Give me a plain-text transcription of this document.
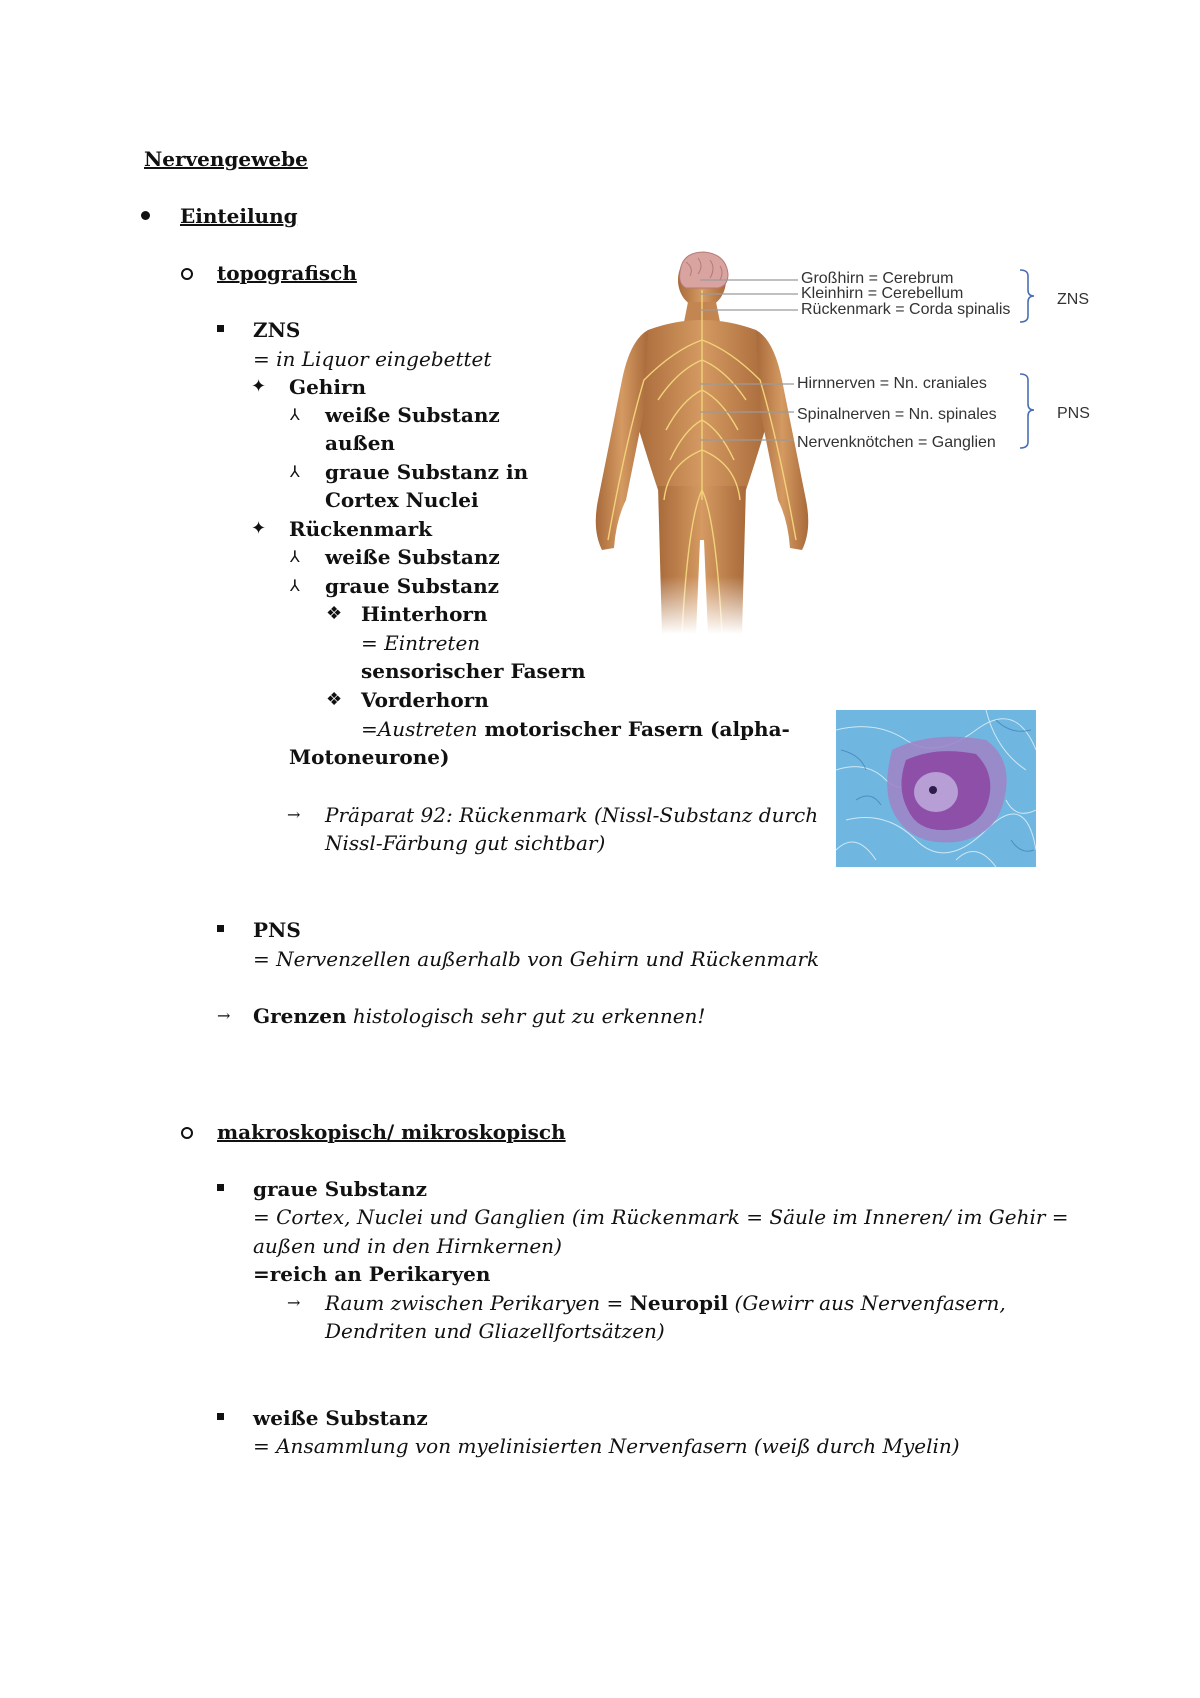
Nervengewebe
Einteilung
topografisch
ZNS
= in Liquor eingebettet
✦ Gehirn
⅄ weiße Substanz
außen
⅄ graue Substanz in
Cortex Nuclei
✦ Rückenmark
⅄ weiße Substanz
⅄ graue Substanz
❖ Hinterhorn
= Eintreten
sensorischer Fasern
❖ Vorderhorn
=Austreten motorischer Fasern (alpha-
Motoneurone)
→ Präparat 92: Rückenmark (Nissl-Substanz durch
Nissl-Färbung gut sichtbar)
PNS
= Nervenzellen außerhalb von Gehirn und Rückenmark
→ Grenzen histologisch sehr gut zu erkennen!
makroskopisch/ mikroskopisch
graue Substanz
= Cortex, Nuclei und Ganglien (im Rückenmark = Säule im Inneren/ im Gehir =
außen und in den Hirnkernen)
=reich an Perikaryen
→ Raum zwischen Perikaryen = Neuropil (Gewirr aus Nervenfasern,
Dendriten und Gliazellfortsätzen)
weiße Substanz
= Ansammlung von myelinisierten Nervenfasern (weiß durch Myelin)
Großhirn = Cerebrum
Kleinhirn = Cerebellum
Rückenmark = Corda spinalis
ZNS
Hirnnerven = Nn. craniales
Spinalnerven = Nn. spinales
Nervenknötchen = Ganglien
PNS
